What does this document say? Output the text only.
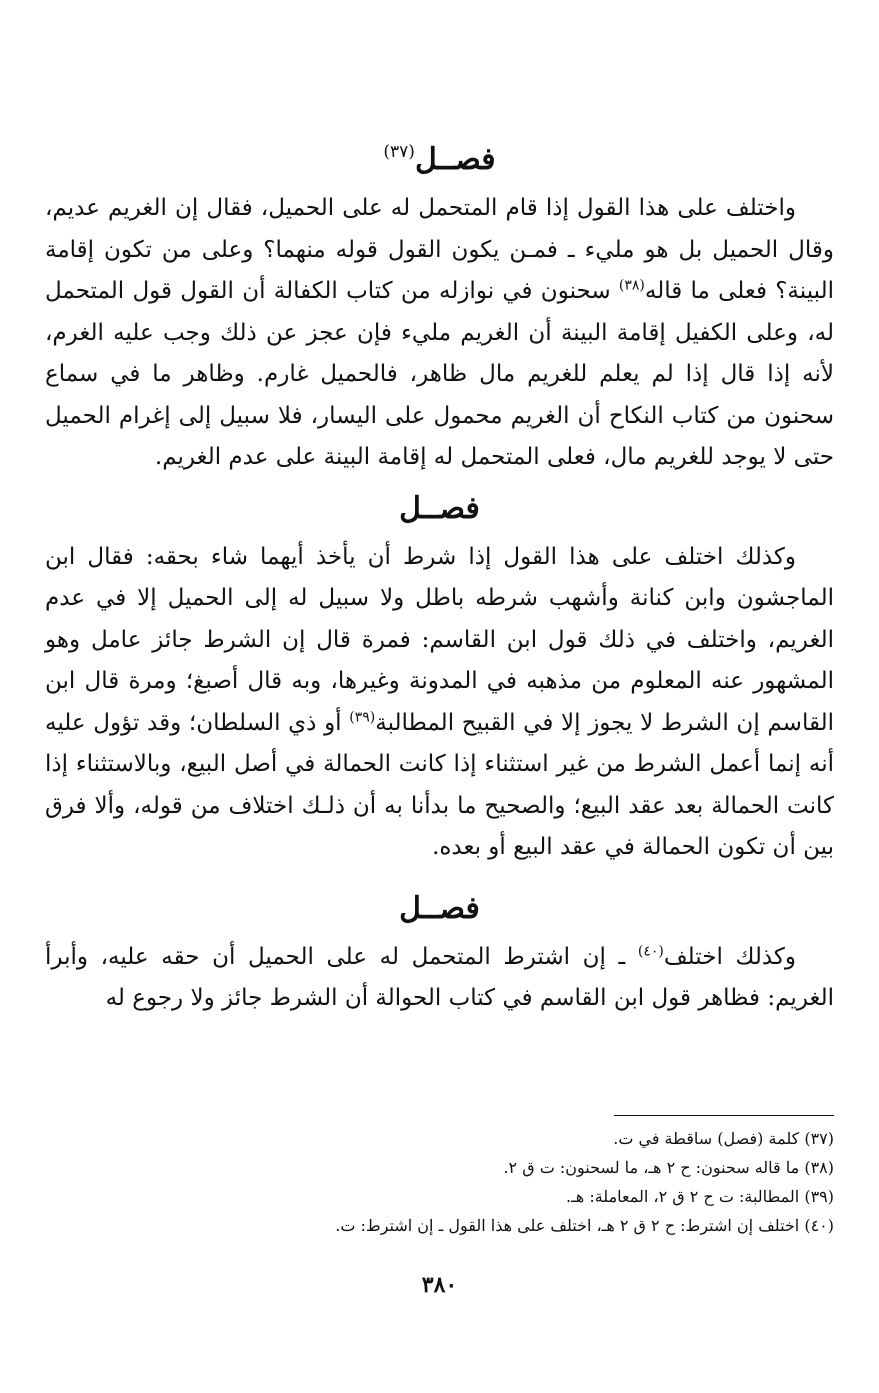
فصــل$^{(٣٧)}$

واختلف على هذا القول إذا قام المتحمل له على الحميل، فقال إن الغريم عديم، وقال الحميل بل هو مليء ـ فمـن يكون القول قوله منهما؟ وعلى من تكون إقامة البينة؟ فعلى ما قاله$^{(٣٨)}$ سحنون في نوازله من كتاب الكفالة أن القول قول المتحمل له، وعلى الكفيل إقامة البينة أن الغريم مليء فإن عجز عن ذلك وجب عليه الغرم، لأنه إذا قال إذا لم يعلم للغريم مال ظاهر، فالحميل غارم. وظاهر ما في سماع سحنون من كتاب النكاح أن الغريم محمول على اليسار، فلا سبيل إلى إغرام الحميل حتى لا يوجد للغريم مال، فعلى المتحمل له إقامة البينة على عدم الغريم.

فصــل

وكذلك اختلف على هذا القول إذا شرط أن يأخذ أيهما شاء بحقه: فقال ابن الماجشون وابن كنانة وأشهب شرطه باطل ولا سبيل له إلى الحميل إلا في عدم الغريم، واختلف في ذلك قول ابن القاسم: فمرة قال إن الشرط جائز عامل وهو المشهور عنه المعلوم من مذهبه في المدونة وغيرها، وبه قال أصبغ؛ ومرة قال ابن القاسم إن الشرط لا يجوز إلا في القبيح المطالبة$^{(٣٩)}$ أو ذي السلطان؛ وقد تؤول عليه أنه إنما أعمل الشرط من غير استثناء إذا كانت الحمالة في أصل البيع، وبالاستثناء إذا كانت الحمالة بعد عقد البيع؛ والصحيح ما بدأنا به أن ذلـك اختلاف من قوله، وألا فرق بين أن تكون الحمالة في عقد البيع أو بعده.

فصــل

وكذلك اختلف$^{(٤٠)}$ ـ إن اشترط المتحمل له على الحميل أن حقه عليه، وأبرأ الغريم: فظاهر قول ابن القاسم في كتاب الحوالة أن الشرط جائز ولا رجوع له

(٣٧) كلمة (فصل) ساقطة في ت.

(٣٨) ما قاله سحنون: ح ٢ هـ، ما لسحنون: ت ق ٢.

(٣٩) المطالبة: ت ح ٢ ق ٢، المعاملة: هـ.

(٤٠) اختلف إن اشترط: ح ٢ ق ٢ هـ، اختلف على هذا القول ـ إن اشترط: ت.

٣٨٠
